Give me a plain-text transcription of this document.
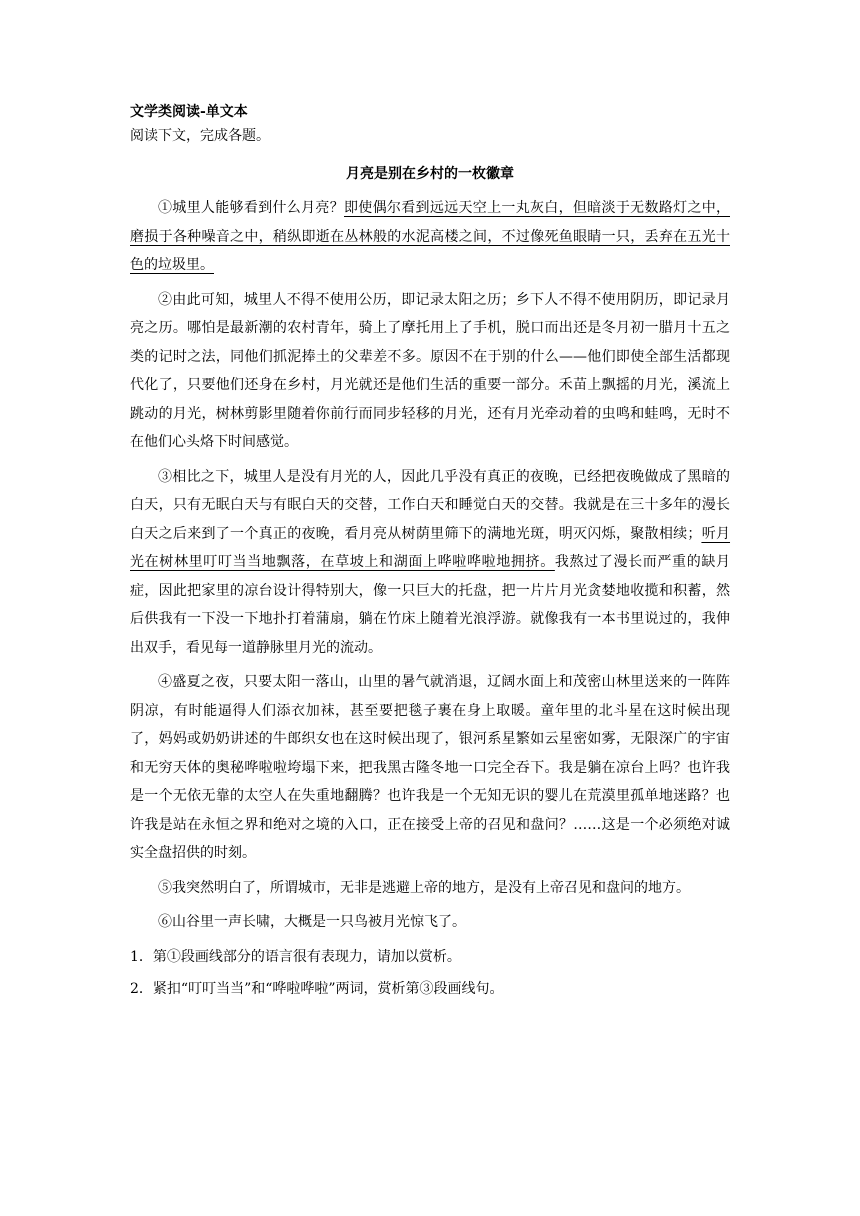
文学类阅读-单文本

阅读下文，完成各题。

月亮是别在乡村的一枚徽章

①城里人能够看到什么月亮？即使偶尔看到远远天空上一丸灰白，但暗淡于无数路灯之中，磨损于各种噪音之中，稍纵即逝在丛林般的水泥高楼之间，不过像死鱼眼睛一只，丢弃在五光十色的垃圾里。

②由此可知，城里人不得不使用公历，即记录太阳之历；乡下人不得不使用阴历，即记录月亮之历。哪怕是最新潮的农村青年，骑上了摩托用上了手机，脱口而出还是冬月初一腊月十五之类的记时之法，同他们抓泥捧土的父辈差不多。原因不在于别的什么——他们即使全部生活都现代化了，只要他们还身在乡村，月光就还是他们生活的重要一部分。禾苗上飘摇的月光，溪流上跳动的月光，树林剪影里随着你前行而同步轻移的月光，还有月光牵动着的虫鸣和蛙鸣，无时不在他们心头烙下时间感觉。

③相比之下，城里人是没有月光的人，因此几乎没有真正的夜晚，已经把夜晚做成了黑暗的白天，只有无眠白天与有眠白天的交替，工作白天和睡觉白天的交替。我就是在三十多年的漫长白天之后来到了一个真正的夜晚，看月亮从树荫里筛下的满地光斑，明灭闪烁，聚散相续；听月光在树林里叮叮当当地飘落，在草坡上和湖面上哗啦哗啦地拥挤。我熬过了漫长而严重的缺月症，因此把家里的凉台设计得特别大，像一只巨大的托盘，把一片片月光贪婪地收揽和积蓄，然后供我有一下没一下地扑打着蒲扇，躺在竹床上随着光浪浮游。就像我有一本书里说过的，我伸出双手，看见每一道静脉里月光的流动。

④盛夏之夜，只要太阳一落山，山里的暑气就消退，辽阔水面上和茂密山林里送来的一阵阵阴凉，有时能逼得人们添衣加袜，甚至要把毯子裹在身上取暖。童年里的北斗星在这时候出现了，妈妈或奶奶讲述的牛郎织女也在这时候出现了，银河系星繁如云星密如雾，无限深广的宇宙和无穷天体的奥秘哗啦啦垮塌下来，把我黑古隆冬地一口完全吞下。我是躺在凉台上吗？也许我是一个无依无靠的太空人在失重地翻腾？也许我是一个无知无识的婴儿在荒漠里孤单地迷路？也许我是站在永恒之界和绝对之境的入口，正在接受上帝的召见和盘问？……这是一个必须绝对诚实全盘招供的时刻。

⑤我突然明白了，所谓城市，无非是逃避上帝的地方，是没有上帝召见和盘问的地方。

⑥山谷里一声长啸，大概是一只鸟被月光惊飞了。

1．第①段画线部分的语言很有表现力，请加以赏析。

2．紧扣“叮叮当当”和“哗啦哗啦”两词，赏析第③段画线句。
